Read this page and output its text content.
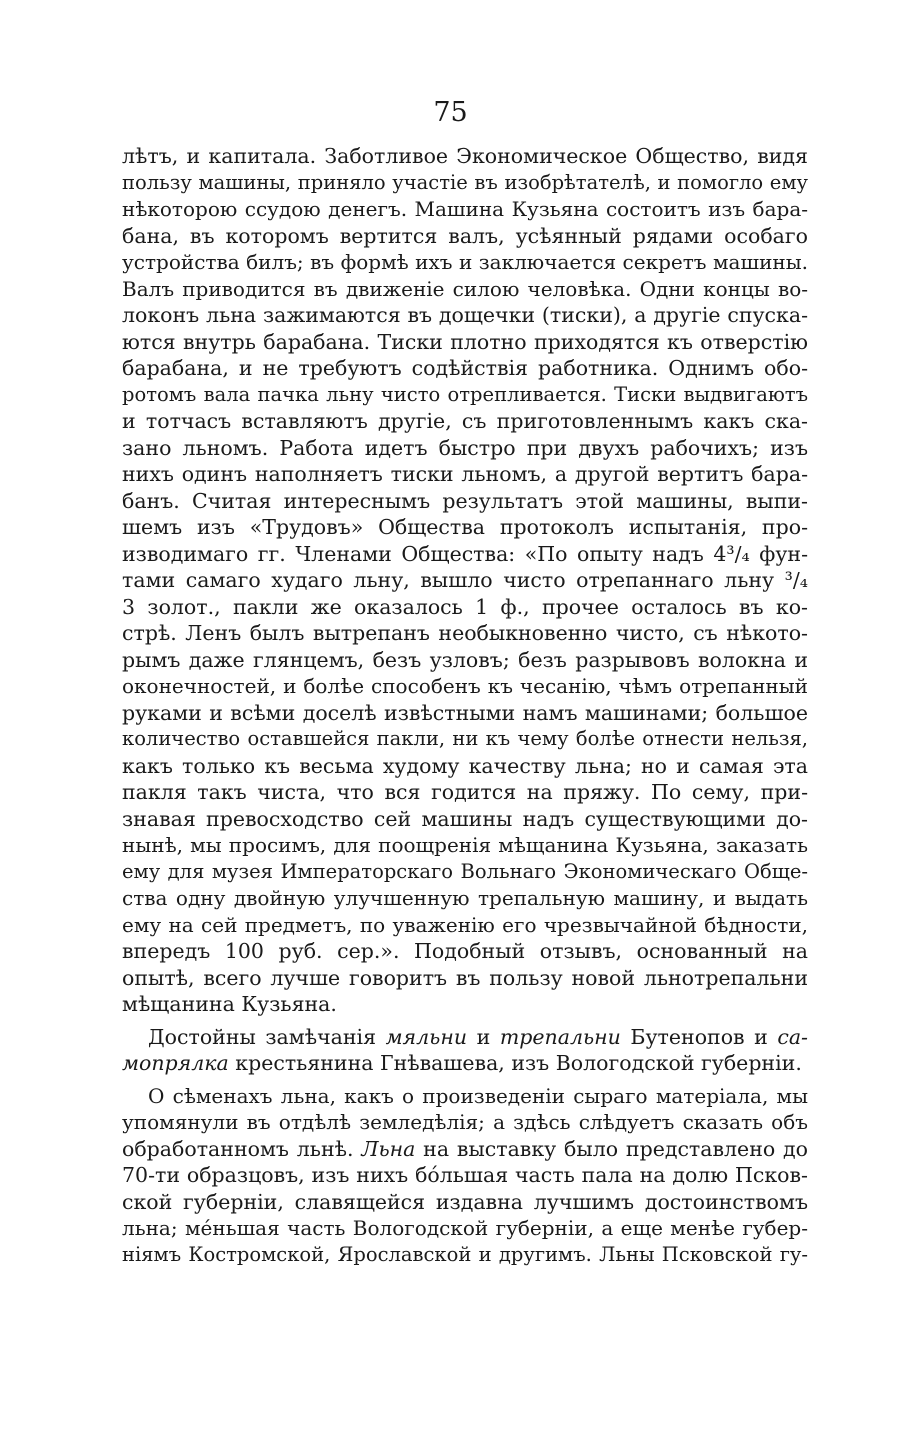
75
лѣтъ, и капитала. Заботливое Экономическое Общество, видя
пользу машины, приняло участіе въ изобрѣтателѣ, и помогло ему
нѣкоторою ссудою денегъ. Машина Кузьяна состоитъ изъ бара-
бана, въ которомъ вертится валъ, усѣянный рядами особаго
устройства билъ; въ формѣ ихъ и заключается секретъ машины.
Валъ приводится въ движеніе силою человѣка. Одни концы во-
локонъ льна зажимаются въ дощечки (тиски), а другіе спуска-
ются внутрь барабана. Тиски плотно приходятся къ отверстію
барабана, и не требуютъ содѣйствія работника. Однимъ обо-
ротомъ вала пачка льну чисто отрепливается. Тиски выдвигаютъ
и тотчасъ вставляютъ другіе, съ приготовленнымъ какъ ска-
зано льномъ. Работа идетъ быстро при двухъ рабочихъ; изъ
нихъ одинъ наполняетъ тиски льномъ, а другой вертитъ бара-
банъ. Считая интереснымъ результатъ этой машины, выпи-
шемъ изъ «Трудовъ» Общества протоколъ испытанія, про-
изводимаго гг. Членами Общества: «По опыту надъ 4³/₄ фун-
тами самаго худаго льну, вышло чисто отрепаннаго льну ³/₄
3 золот., пакли же оказалось 1 ф., прочее осталось въ ко-
стрѣ. Ленъ былъ вытрепанъ необыкновенно чисто, съ нѣкото-
рымъ даже глянцемъ, безъ узловъ; безъ разрывовъ волокна и
оконечностей, и болѣе способенъ къ чесанію, чѣмъ отрепанный
руками и всѣми доселѣ извѣстными намъ машинами; большое
количество оставшейся пакли, ни къ чему болѣе отнести нельзя,
какъ только къ весьма худому качеству льна; но и самая эта
пакля такъ чиста, что вся годится на пряжу. По сему, при-
знавая превосходство сей машины надъ существующими до-
нынѣ, мы просимъ, для поощренія мѣщанина Кузьяна, заказать
ему для музея Императорскаго Вольнаго Экономическаго Обще-
ства одну двойную улучшенную трепальную машину, и выдать
ему на сей предметъ, по уваженію его чрезвычайной бѣдности,
впередъ 100 руб. сер.». Подобный отзывъ, основанный на
опытѣ, всего лучше говоритъ въ пользу новой льнотрепальни
мѣщанина Кузьяна.
Достойны замѣчанія мяльни и трепальни Бутенопов и са-
мопрялка крестьянина Гнѣвашева, изъ Вологодской губерніи.
О сѣменахъ льна, какъ о произведеніи сыраго матеріала, мы
упомянули въ отдѣлѣ земледѣлія; а здѣсь слѣдуетъ сказать объ
обработанномъ льнѣ. Льна на выставку было представлено до
70-ти образцовъ, изъ нихъ бóльшая часть пала на долю Псков-
ской губерніи, славящейся издавна лучшимъ достоинствомъ
льна; мéньшая часть Вологодской губерніи, а еще менѣе губер-
ніямъ Костромской, Ярославской и другимъ. Льны Псковской гу-
